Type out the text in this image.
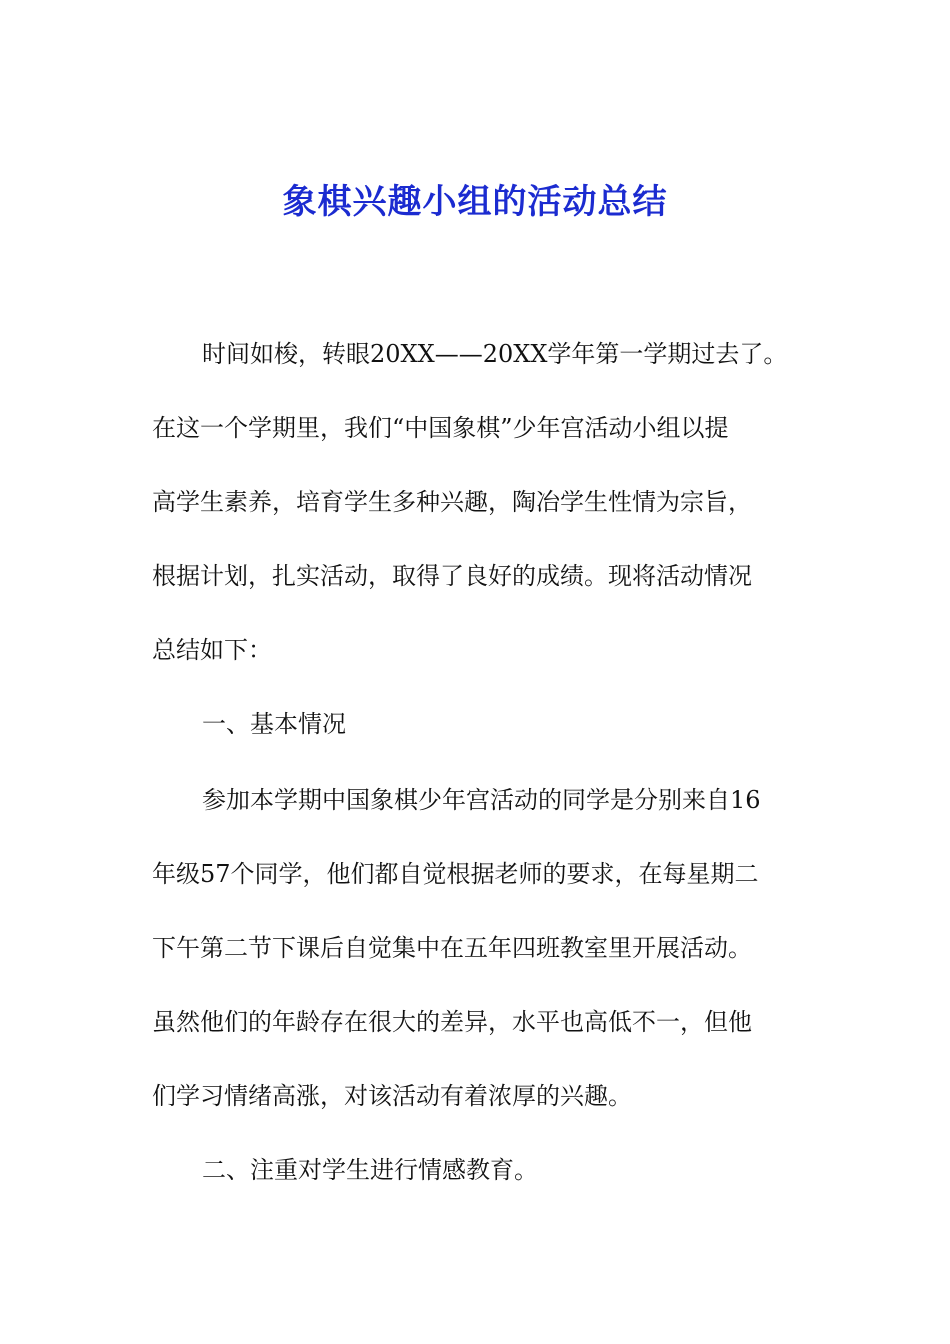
象棋兴趣小组的活动总结
时间如梭，转眼20XX——20XX学年第一学期过去了。
在这一个学期里，我们“中国象棋”少年宫活动小组以提
高学生素养，培育学生多种兴趣，陶冶学生性情为宗旨，
根据计划，扎实活动，取得了良好的成绩。现将活动情况
总结如下：
一、基本情况
参加本学期中国象棋少年宫活动的同学是分别来自16
年级57个同学，他们都自觉根据老师的要求，在每星期二
下午第二节下课后自觉集中在五年四班教室里开展活动。
虽然他们的年龄存在很大的差异，水平也高低不一，但他
们学习情绪高涨，对该活动有着浓厚的兴趣。
二、注重对学生进行情感教育。
